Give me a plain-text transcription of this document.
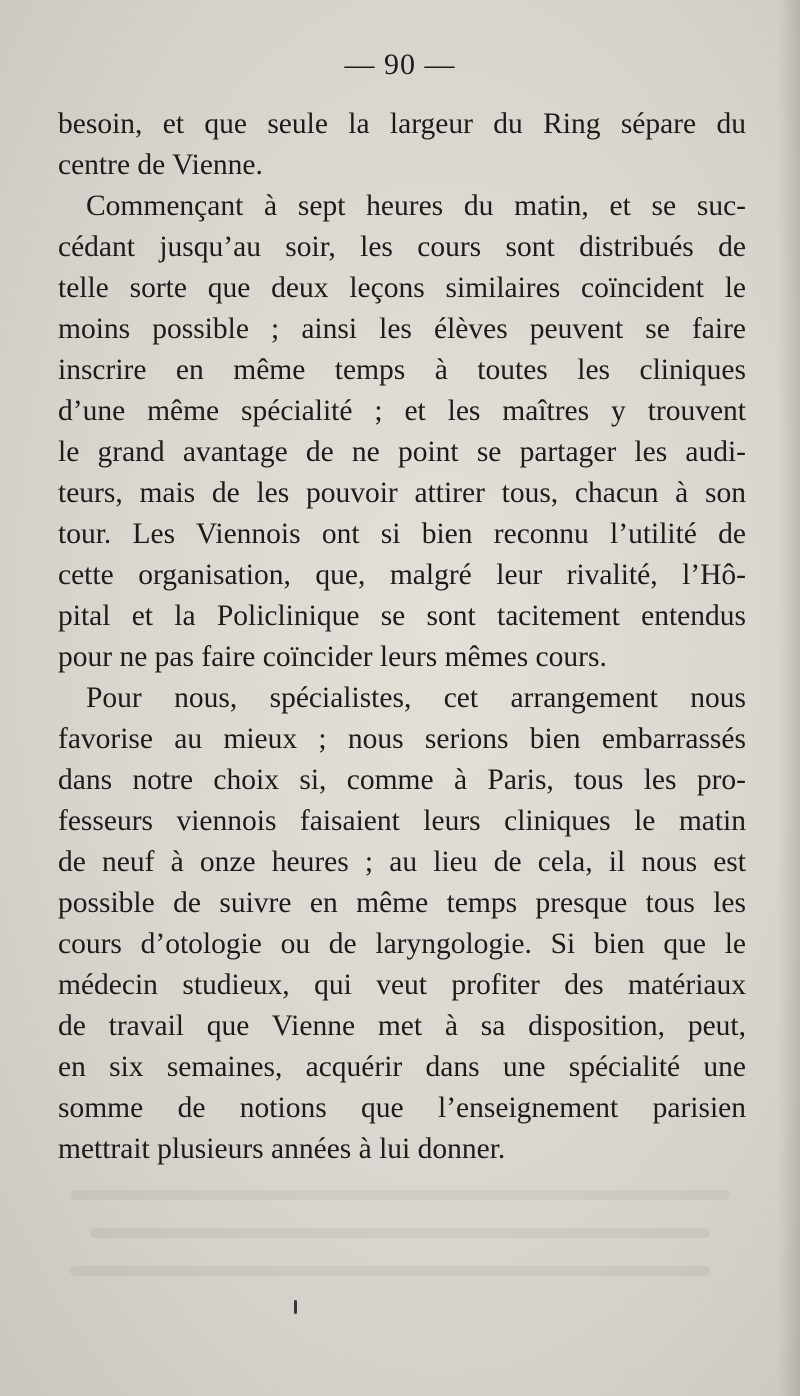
— 90 —
besoin, et que seule la largeur du Ring sépare du
centre de Vienne.
Commençant à sept heures du matin, et se suc-
cédant jusqu’au soir, les cours sont distribués de
telle sorte que deux leçons similaires coïncident le
moins possible ; ainsi les élèves peuvent se faire
inscrire en même temps à toutes les cliniques
d’une même spécialité ; et les maîtres y trouvent
le grand avantage de ne point se partager les audi-
teurs, mais de les pouvoir attirer tous, chacun à son
tour. Les Viennois ont si bien reconnu l’utilité de
cette organisation, que, malgré leur rivalité, l’Hô-
pital et la Policlinique se sont tacitement entendus
pour ne pas faire coïncider leurs mêmes cours.
Pour nous, spécialistes, cet arrangement nous
favorise au mieux ; nous serions bien embarrassés
dans notre choix si, comme à Paris, tous les pro-
fesseurs viennois faisaient leurs cliniques le matin
de neuf à onze heures ; au lieu de cela, il nous est
possible de suivre en même temps presque tous les
cours d’otologie ou de laryngologie. Si bien que le
médecin studieux, qui veut profiter des matériaux
de travail que Vienne met à sa disposition, peut,
en six semaines, acquérir dans une spécialité une
somme de notions que l’enseignement parisien
mettrait plusieurs années à lui donner.
